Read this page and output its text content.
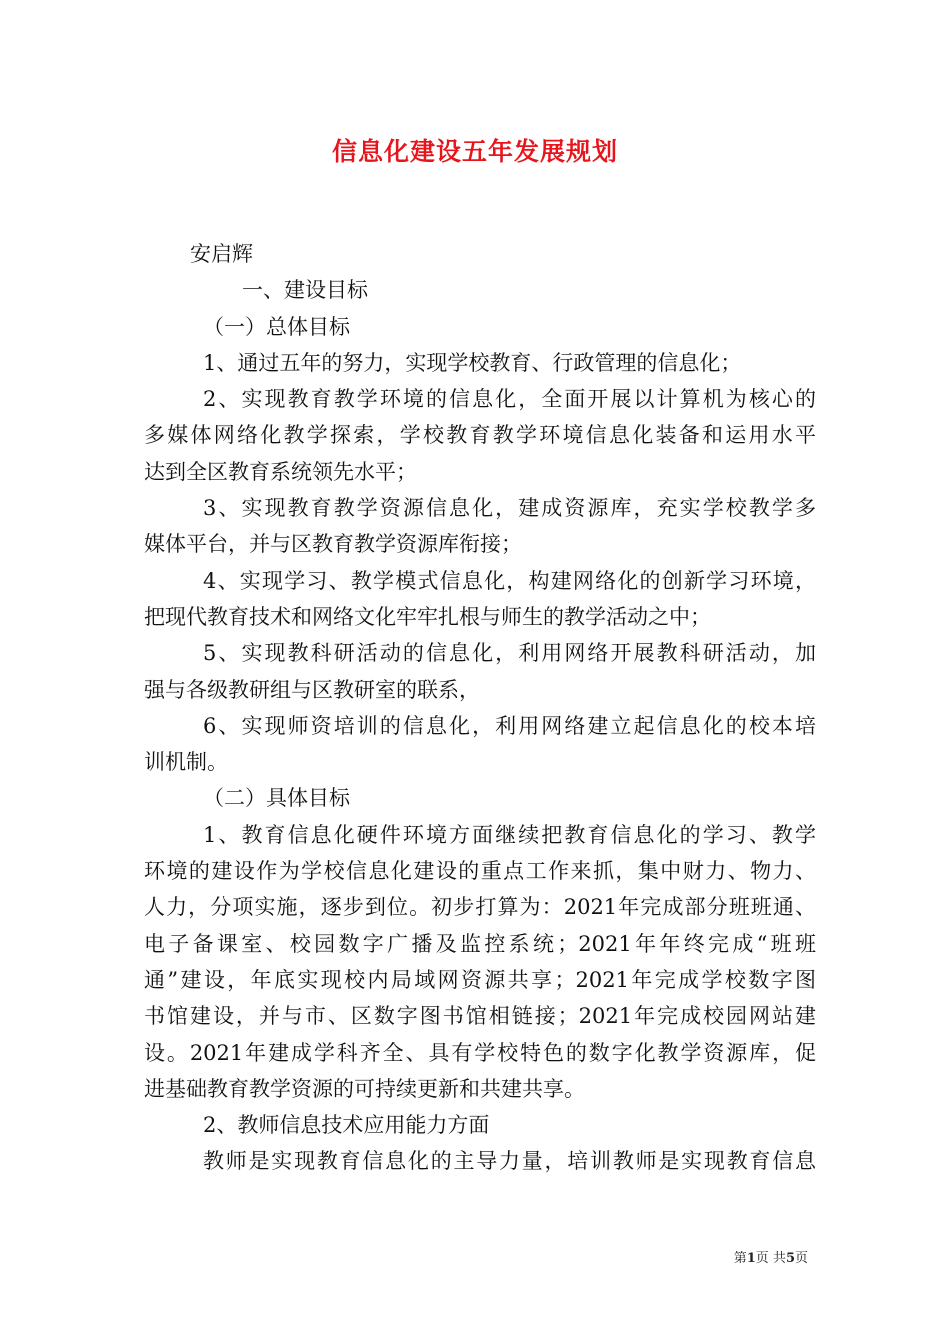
信息化建设五年发展规划
安启辉
一、建设目标
（一）总体目标
1、通过五年的努力，实现学校教育、行政管理的信息化；
2、实现教育教学环境的信息化，全面开展以计算机为核心的
多媒体网络化教学探索，学校教育教学环境信息化装备和运用水平
达到全区教育系统领先水平；
3、实现教育教学资源信息化，建成资源库，充实学校教学多
媒体平台，并与区教育教学资源库衔接；
4、实现学习、教学模式信息化，构建网络化的创新学习环境，
把现代教育技术和网络文化牢牢扎根与师生的教学活动之中；
5、实现教科研活动的信息化，利用网络开展教科研活动，加
强与各级教研组与区教研室的联系，
6、实现师资培训的信息化，利用网络建立起信息化的校本培
训机制。
（二）具体目标
1、教育信息化硬件环境方面继续把教育信息化的学习、教学
环境的建设作为学校信息化建设的重点工作来抓，集中财力、物力、
人力，分项实施，逐步到位。初步打算为：2021年完成部分班班通、
电子备课室、校园数字广播及监控系统；2021年年终完成“班班
通”建设，年底实现校内局域网资源共享；2021年完成学校数字图
书馆建设，并与市、区数字图书馆相链接；2021年完成校园网站建
设。2021年建成学科齐全、具有学校特色的数字化教学资源库，促
进基础教育教学资源的可持续更新和共建共享。
2、教师信息技术应用能力方面
教师是实现教育信息化的主导力量，培训教师是实现教育信息
第1页 共5页
